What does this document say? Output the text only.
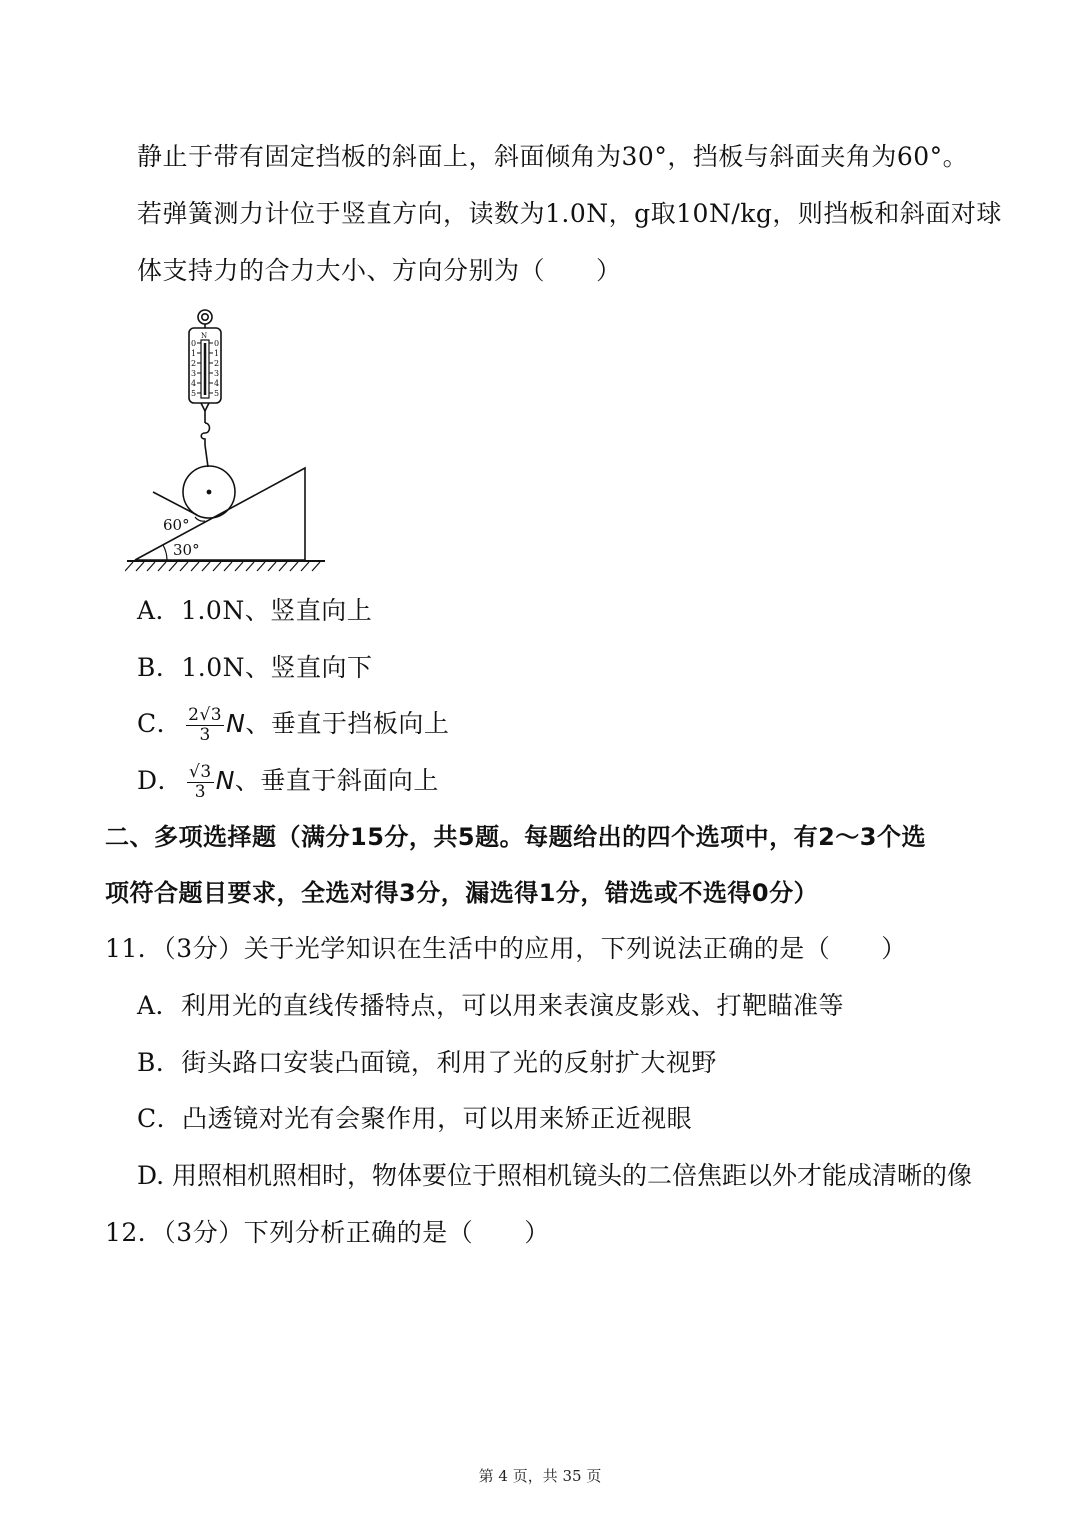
静止于带有固定挡板的斜面上，斜面倾角为30°，挡板与斜面夹角为60°。
若弹簧测力计位于竖直方向，读数为1.0N，g取10N/kg，则挡板和斜面对球
体支持力的合力大小、方向分别为（　　）
N
0
1
2
3
4
5
0
1
2
3
4
5
60°
30°
A．1.0N、竖直向上
B．1.0N、竖直向下
C． $\frac{2√3}{3}$ N、垂直于挡板向上
D． $\frac{√3}{3}$ N、垂直于斜面向上
二、多项选择题（满分15分，共5题。每题给出的四个选项中，有2～3个选
项符合题目要求，全选对得3分，漏选得1分，错选或不选得0分）
11．（3分）关于光学知识在生活中的应用，下列说法正确的是（　　）
A．利用光的直线传播特点，可以用来表演皮影戏、打靶瞄准等
B．街头路口安装凸面镜，利用了光的反射扩大视野
C．凸透镜对光有会聚作用，可以用来矫正近视眼
D. 用照相机照相时，物体要位于照相机镜头的二倍焦距以外才能成清晰的像
12．（3分）下列分析正确的是（　　）
第 4 页，共 35 页
